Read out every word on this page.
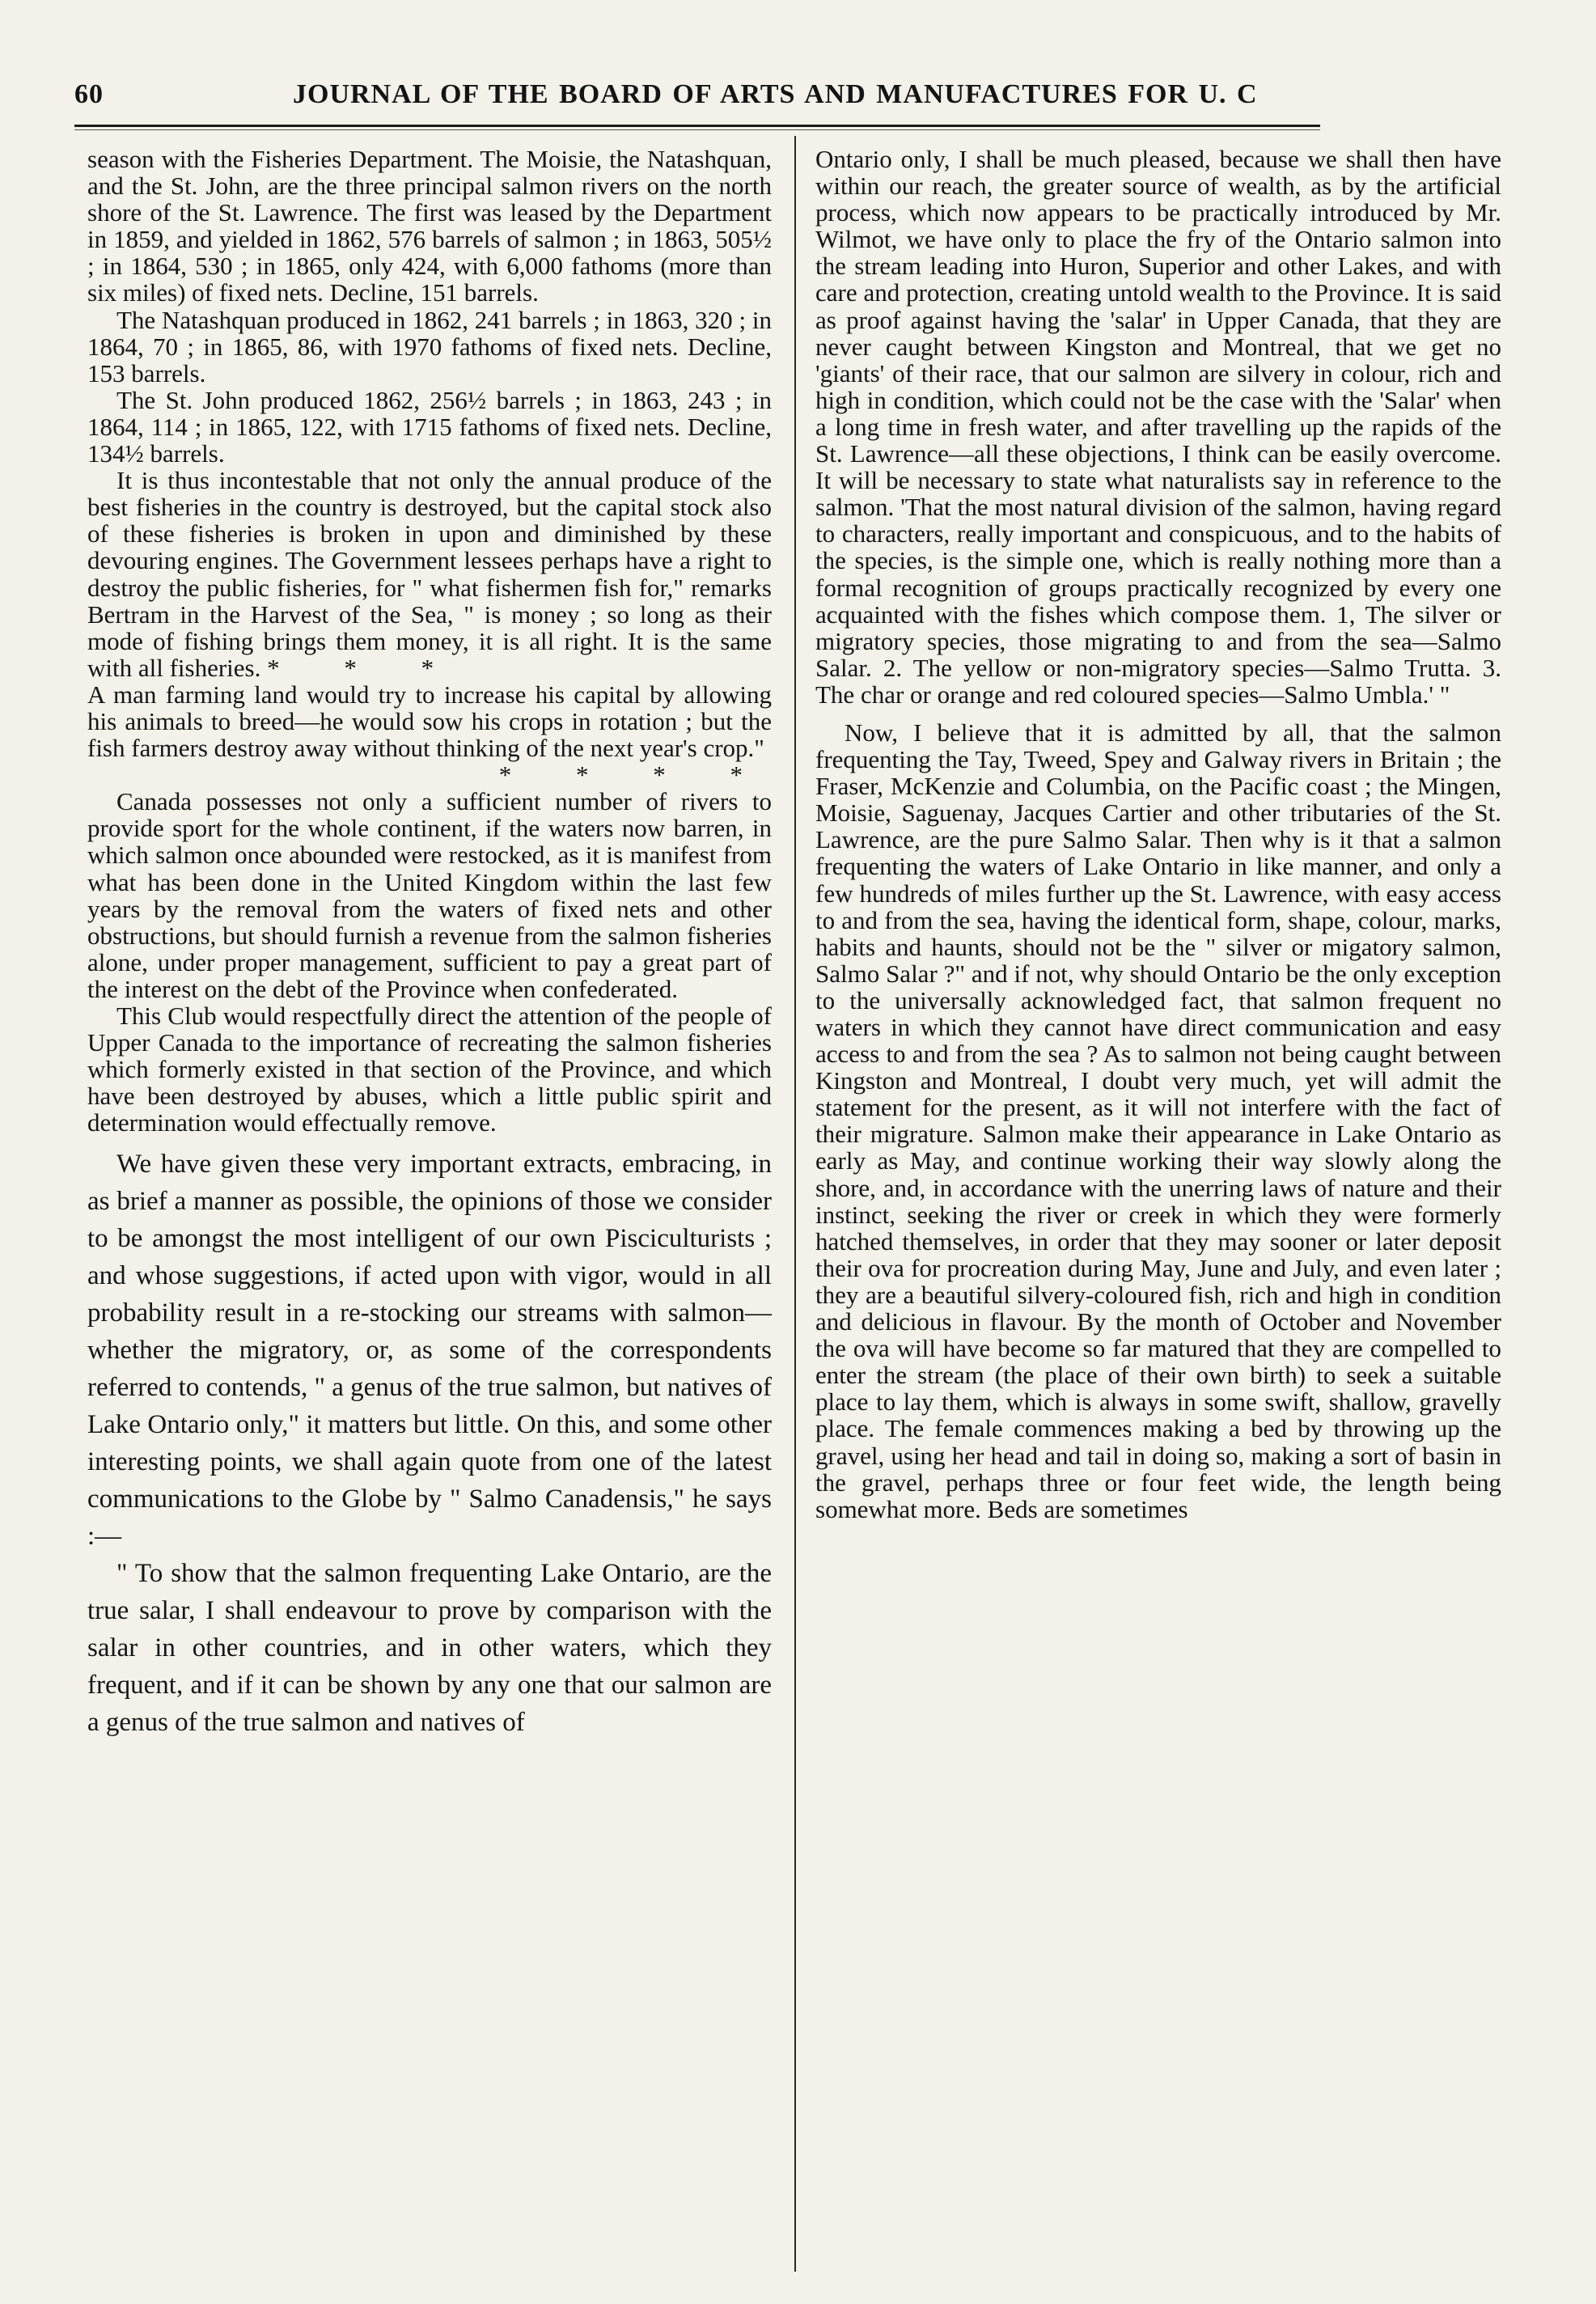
60	JOURNAL OF THE BOARD OF ARTS AND MANUFACTURES FOR U. C

season with the Fisheries Department. The Moisie, the Natashquan, and the St. John, are the three principal salmon rivers on the north shore of the St. Lawrence. The first was leased by the Department in 1859, and yielded in 1862, 576 barrels of salmon ; in 1863, 505½ ; in 1864, 530 ; in 1865, only 424, with 6,000 fathoms (more than six miles) of fixed nets. Decline, 151 barrels.

The Natashquan produced in 1862, 241 barrels ; in 1863, 320 ; in 1864, 70 ; in 1865, 86, with 1970 fathoms of fixed nets. Decline, 153 barrels.

The St. John produced 1862, 256½ barrels ; in 1863, 243 ; in 1864, 114 ; in 1865, 122, with 1715 fathoms of fixed nets. Decline, 134½ barrels.

It is thus incontestable that not only the annual produce of the best fisheries in the country is destroyed, but the capital stock also of these fisheries is broken in upon and diminished by these devouring engines. The Government lessees perhaps have a right to destroy the public fisheries, for " what fishermen fish for," remarks Bertram in the Harvest of the Sea, " is money ; so long as their mode of fishing brings them money, it is all right. It is the same with all fisheries. * * *

A man farming land would try to increase his capital by allowing his animals to breed—he would sow his crops in rotation ; but the fish farmers destroy away without thinking of the next year's crop."
* * * *

Canada possesses not only a sufficient number of rivers to provide sport for the whole continent, if the waters now barren, in which salmon once abounded were restocked, as it is manifest from what has been done in the United Kingdom within the last few years by the removal from the waters of fixed nets and other obstructions, but should furnish a revenue from the salmon fisheries alone, under proper management, sufficient to pay a great part of the interest on the debt of the Province when confederated.

This Club would respectfully direct the attention of the people of Upper Canada to the importance of recreating the salmon fisheries which formerly existed in that section of the Province, and which have been destroyed by abuses, which a little public spirit and determination would effectually remove.

We have given these very important extracts, embracing, in as brief a manner as possible, the opinions of those we consider to be amongst the most intelligent of our own Pisciculturists ; and whose suggestions, if acted upon with vigor, would in all probability result in a re-stocking our streams with salmon—whether the migratory, or, as some of the correspondents referred to contends, " a genus of the true salmon, but natives of Lake Ontario only," it matters but little. On this, and some other interesting points, we shall again quote from one of the latest communications to the Globe by " Salmo Canadensis," he says :—

" To show that the salmon frequenting Lake Ontario, are the true salar, I shall endeavour to prove by comparison with the salar in other countries, and in other waters, which they frequent, and if it can be shown by any one that our salmon are a genus of the true salmon and natives of

Ontario only, I shall be much pleased, because we shall then have within our reach, the greater source of wealth, as by the artificial process, which now appears to be practically introduced by Mr. Wilmot, we have only to place the fry of the Ontario salmon into the stream leading into Huron, Superior and other Lakes, and with care and protection, creating untold wealth to the Province. It is said as proof against having the 'salar' in Upper Canada, that they are never caught between Kingston and Montreal, that we get no 'giants' of their race, that our salmon are silvery in colour, rich and high in condition, which could not be the case with the 'Salar' when a long time in fresh water, and after travelling up the rapids of the St. Lawrence—all these objections, I think can be easily overcome. It will be necessary to state what naturalists say in reference to the salmon. 'That the most natural division of the salmon, having regard to characters, really important and conspicuous, and to the habits of the species, is the simple one, which is really nothing more than a formal recognition of groups practically recognized by every one acquainted with the fishes which compose them. 1, The silver or migratory species, those migrating to and from the sea—Salmo Salar. 2. The yellow or non-migratory species—Salmo Trutta. 3. The char or orange and red coloured species—Salmo Umbla.' "

Now, I believe that it is admitted by all, that the salmon frequenting the Tay, Tweed, Spey and Galway rivers in Britain ; the Fraser, McKenzie and Columbia, on the Pacific coast ; the Mingen, Moisie, Saguenay, Jacques Cartier and other tributaries of the St. Lawrence, are the pure Salmo Salar. Then why is it that a salmon frequenting the waters of Lake Ontario in like manner, and only a few hundreds of miles further up the St. Lawrence, with easy access to and from the sea, having the identical form, shape, colour, marks, habits and haunts, should not be the " silver or migatory salmon, Salmo Salar ?" and if not, why should Ontario be the only exception to the universally acknowledged fact, that salmon frequent no waters in which they cannot have direct communication and easy access to and from the sea ? As to salmon not being caught between Kingston and Montreal, I doubt very much, yet will admit the statement for the present, as it will not interfere with the fact of their migrature. Salmon make their appearance in Lake Ontario as early as May, and continue working their way slowly along the shore, and, in accordance with the unerring laws of nature and their instinct, seeking the river or creek in which they were formerly hatched themselves, in order that they may sooner or later deposit their ova for procreation during May, June and July, and even later ; they are a beautiful silvery-coloured fish, rich and high in condition and delicious in flavour. By the month of October and November the ova will have become so far matured that they are compelled to enter the stream (the place of their own birth) to seek a suitable place to lay them, which is always in some swift, shallow, gravelly place. The female commences making a bed by throwing up the gravel, using her head and tail in doing so, making a sort of basin in the gravel, perhaps three or four feet wide, the length being somewhat more. Beds are sometimes
